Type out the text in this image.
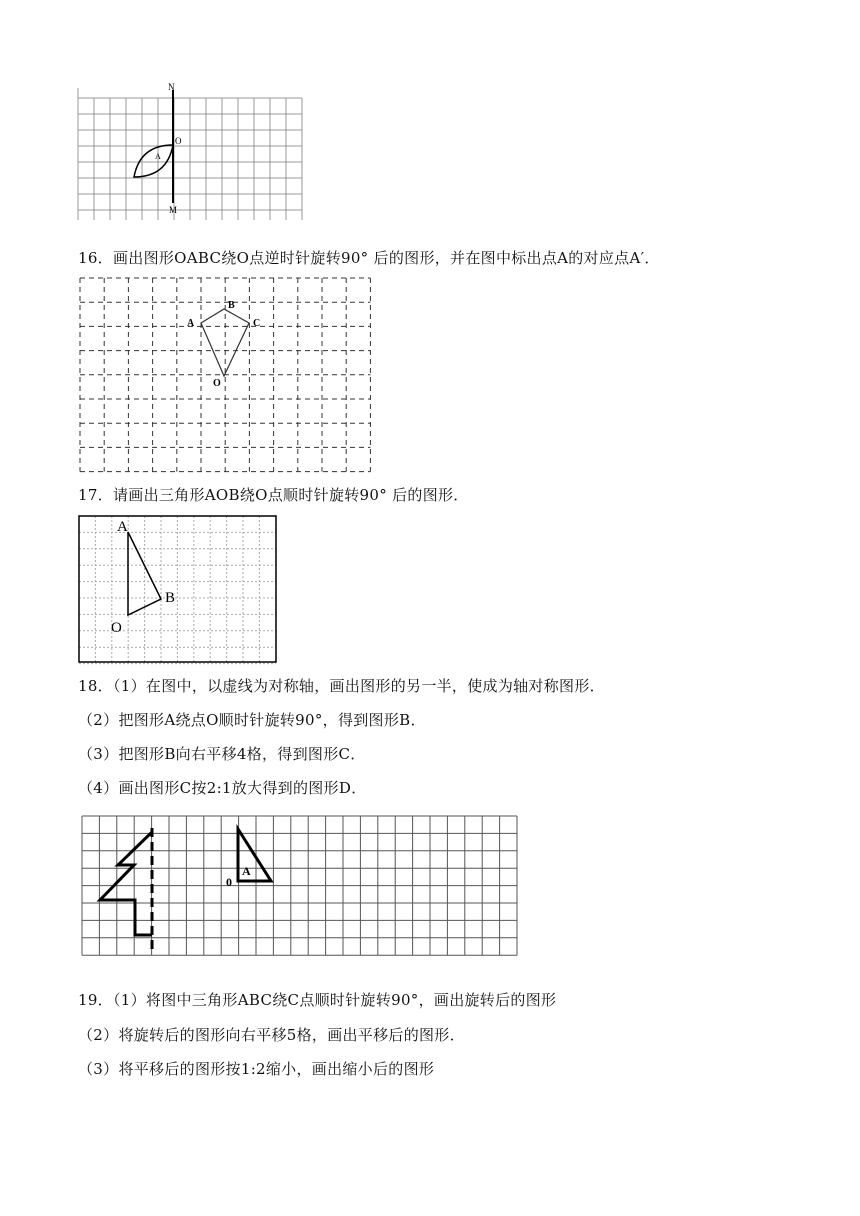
N
M
O
A
16．画出图形OABC绕O点逆时针旋转90° 后的图形，并在图中标出点A的对应点A′．
A
B
C
O
17．请画出三角形AOB绕O点顺时针旋转90° 后的图形．
A
B
O
18．（1）在图中，以虚线为对称轴，画出图形的另一半，使成为轴对称图形．
（2）把图形A绕点O顺时针旋转90°，得到图形B．
（3）把图形B向右平移4格，得到图形C．
（4）画出图形C按2:1放大得到的图形D．
A
0
19．（1）将图中三角形ABC绕C点顺时针旋转90°，画出旋转后的图形
（2）将旋转后的图形向右平移5格，画出平移后的图形．
（3）将平移后的图形按1:2缩小，画出缩小后的图形
